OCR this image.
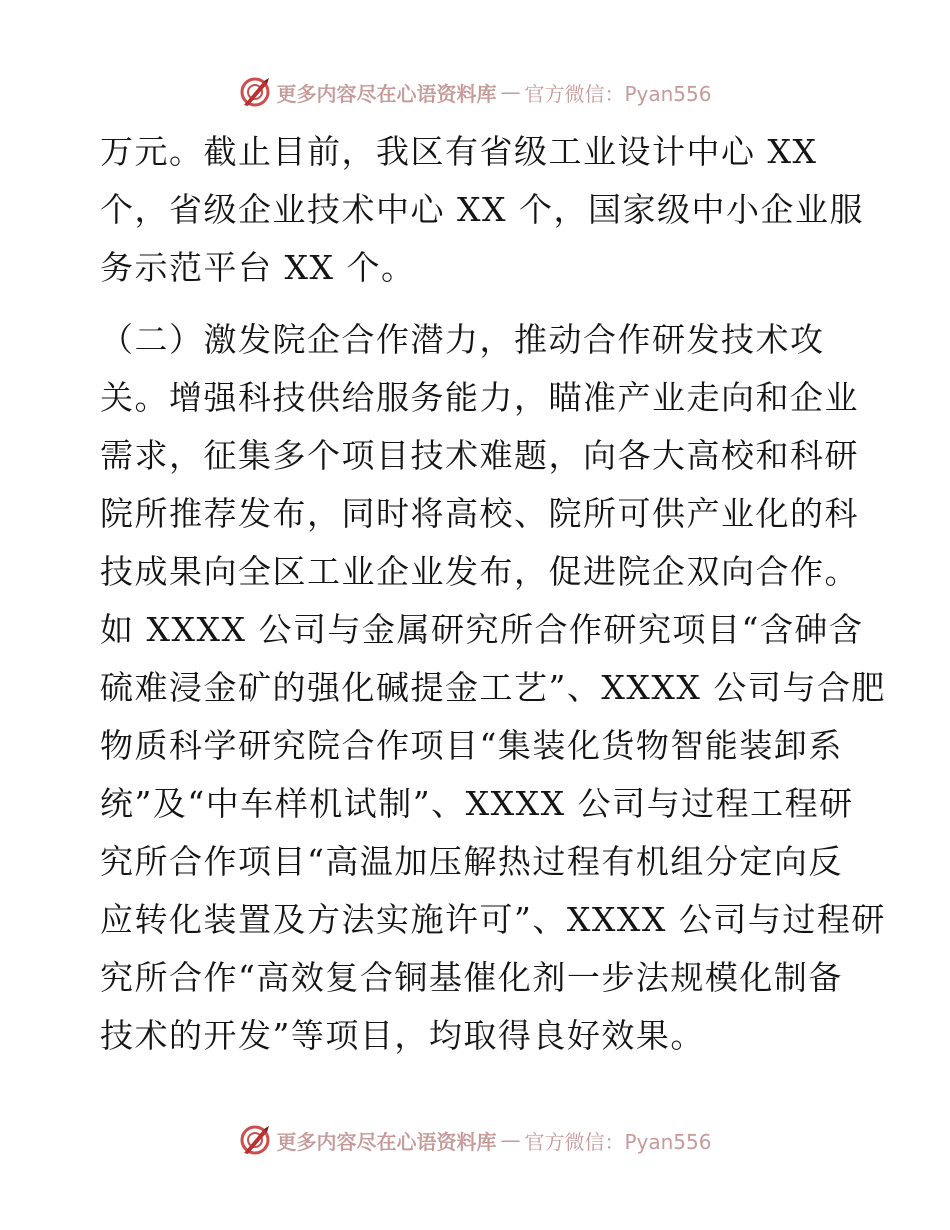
更多内容尽在心语资料库 — 官方微信：Pyan556
万元。截止目前，我区有省级工业设计中心 XX
个，省级企业技术中心 XX 个，国家级中小企业服
务示范平台 XX 个。
（二）激发院企合作潜力，推动合作研发技术攻
关。增强科技供给服务能力，瞄准产业走向和企业
需求，征集多个项目技术难题，向各大高校和科研
院所推荐发布，同时将高校、院所可供产业化的科
技成果向全区工业企业发布，促进院企双向合作。
如 XXXX 公司与金属研究所合作研究项目“含砷含
硫难浸金矿的强化碱提金工艺”、XXXX 公司与合肥
物质科学研究院合作项目“集装化货物智能装卸系
统”及“中车样机试制”、XXXX 公司与过程工程研
究所合作项目“高温加压解热过程有机组分定向反
应转化装置及方法实施许可”、XXXX 公司与过程研
究所合作“高效复合铜基催化剂一步法规模化制备
技术的开发”等项目，均取得良好效果。
更多内容尽在心语资料库 — 官方微信：Pyan556
